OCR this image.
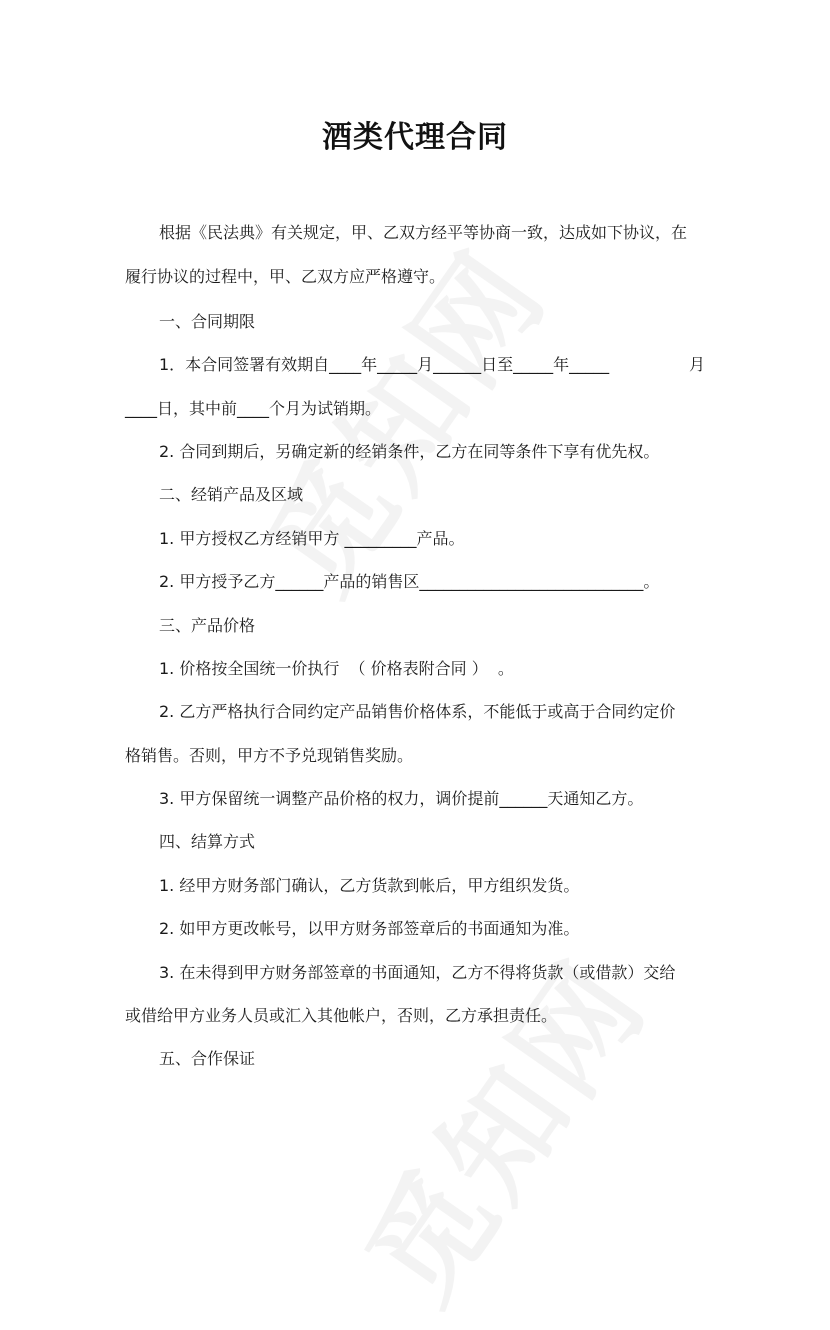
酒类代理合同
根据《民法典》有关规定，甲、乙双方经平等协商一致，达成如下协议，在
履行协议的过程中，甲、乙双方应严格遵守。
一、合同期限
1．本合同签署有效期自____年_____月______日至_____年_____	月
____日，其中前____个月为试销期。
2. 合同到期后，另确定新的经销条件，乙方在同等条件下享有优先权。
二、经销产品及区域
1. 甲方授权乙方经销甲方 _________产品。
2. 甲方授予乙方______产品的销售区____________________________。
三、产品价格
1. 价格按全国统一价执行  （ 价格表附合同 ）  。
2. 乙方严格执行合同约定产品销售价格体系，不能低于或高于合同约定价
格销售。否则，甲方不予兑现销售奖励。
3. 甲方保留统一调整产品价格的权力，调价提前______天通知乙方。
四、结算方式
1. 经甲方财务部门确认，乙方货款到帐后，甲方组织发货。
2. 如甲方更改帐号，以甲方财务部签章后的书面通知为准。
3. 在未得到甲方财务部签章的书面通知，乙方不得将货款（或借款）交给
或借给甲方业务人员或汇入其他帐户，否则，乙方承担责任。
五、合作保证
